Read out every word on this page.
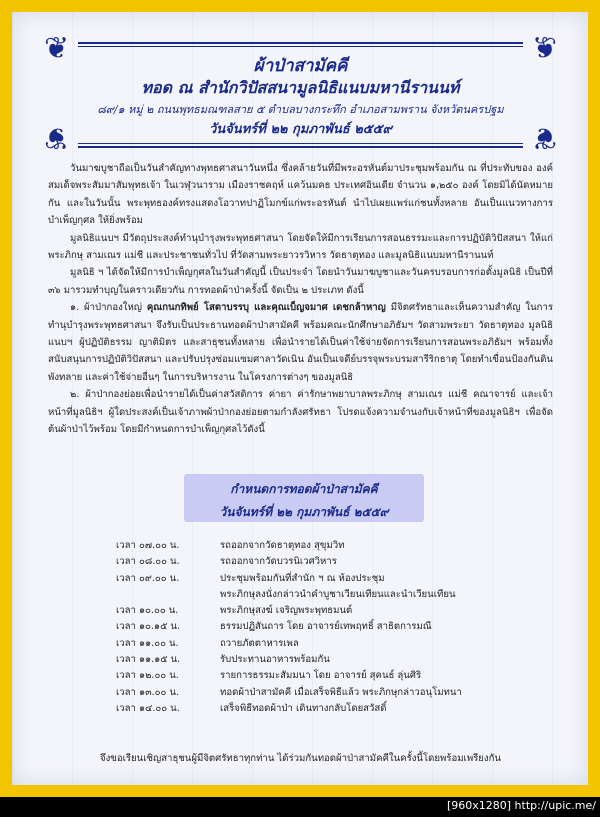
❦	❦
❦	❦
ผ้าป่าสามัคคี
ทอด ณ สำนักวิปัสสนามูลนิธิแนบมหานีรานนท์
๘๙/๑ หมู่ ๒ ถนนพุทธมณฑลสาย ๕ ตำบลบางกระทึก อำเภอสามพราน จังหวัดนครปฐม
วันจันทร์ที่ ๒๒ กุมภาพันธ์ ๒๕๕๙

วันมาฆบูชาถือเป็นวันสำคัญทางพุทธศาสนาวันหนึ่ง ซึ่งคล้ายวันที่มีพระอรหันต์มาประชุมพร้อมกัน ณ ที่ประทับของ องค์สมเด็จพระสัมมาสัมพุทธเจ้า ในเวฬุวนาราม เมืองราชคฤห์ แคว้นมคธ ประเทศอินเดีย จำนวน ๑,๒๕๐ องค์ โดยมิได้นัดหมายกัน และในวันนั้น พระพุทธองค์ทรงแสดงโอวาทปาฏิโมกข์แก่พระอรหันต์ นำไปเผยแพร่แก่ชนทั้งหลาย อันเป็นแนวทางการบำเพ็ญกุศล ให้ยิ่งพร้อม

มูลนิธิแนบฯ มีวัตถุประสงค์ทำนุบำรุงพระพุทธศาสนา โดยจัดให้มีการเรียนการสอนธรรมะและการปฏิบัติวิปัสสนา ให้แก่ พระภิกษุ สามเณร แม่ชี และประชาชนทั่วไป ที่วัดสามพระยาวรวิหาร วัดธาตุทอง และมูลนิธิแนบมหานีรานนท์

มูลนิธิ ฯ ได้จัดให้มีการบำเพ็ญกุศลในวันสำคัญนี้ เป็นประจำ โดยนำวันมาฆบูชาและวันครบรอบการก่อตั้งมูลนิธิ เป็นปีที่ ๓๖ มารวมทำบุญในคราวเดียวกัน การทอดผ้าป่าครั้งนี้ จัดเป็น ๒ ประเภท ดังนี้

๑. ผ้าป่ากองใหญ่ คุณกนกทิพย์ โสตาบรรบุ และคุณเบ็ญจมาศ เดชกล้าหาญ มีจิตศรัทธาและเห็นความสำคัญ ในการทำนุบำรุงพระพุทธศาสนา จึงรับเป็นประธานทอดผ้าป่าสามัคคี พร้อมคณะนักศึกษาอภิธัมฯ วัดสามพระยา วัดธาตุทอง มูลนิธิแนบฯ ผู้ปฏิบัติธรรม ญาติมิตร และสาธุชนทั้งหลาย เพื่อนำรายได้เป็นค่าใช้จ่ายจัดการเรียนการสอนพระอภิธัมฯ พร้อมทั้ง สนับสนุนการปฏิบัติวิปัสสนา และปรับปรุงซ่อมแซมศาลาวัดเนิน อันเป็นเจดีย์บรรจุพระบรมสารีริกธาตุ โดยทำเขื่อนป้องกันดินพังทลาย และค่าใช้จ่ายอื่นๆ ในการบริหารงาน ในโครงการต่างๆ ของมูลนิธิ

๒. ผ้าป่ากองย่อยเพื่อนำรายได้เป็นค่าสวัสดิการ ค่ายา ค่ารักษาพยาบาลพระภิกษุ สามเณร แม่ชี คณาจารย์ และเจ้าหน้าที่มูลนิธิฯ ผู้ใดประสงค์เป็นเจ้าภาพผ้าป่ากองย่อยตามกำลังศรัทธา โปรดแจ้งความจำนงกับเจ้าหน้าที่ของมูลนิธิฯ เพื่อจัดต้นผ้าป่าไว้พร้อม โดยมีกำหนดการบำเพ็ญกุศลไว้ดังนี้

กำหนดการทอดผ้าป่าสามัคคี
วันจันทร์ที่ ๒๒ กุมภาพันธ์ ๒๕๕๙
เวลา ๐๗.๐๐ น.	รถออกจากวัดธาตุทอง สุขุมวิท
เวลา ๐๘.๐๐ น.	รถออกจากวัดบวรนิเวศวิหาร
เวลา ๐๙.๐๐ น.	ประชุมพร้อมกันที่สำนัก ฯ ณ ห้องประชุม
พระภิกษุลงนั่งกล่าวนำคำบูชาเวียนเทียนและนำเวียนเทียน
เวลา ๑๐.๐๐ น.	พระภิกษุสงฆ์ เจริญพระพุทธมนต์
เวลา ๑๐.๑๕ น.	ธรรมปฏิสันถาร โดย อาจารย์เทพฤทธิ์ สาธิตการมณี
เวลา ๑๑.๐๐ น.	ถวายภัตตาหารเพล
เวลา ๑๑.๑๕ น.	รับประทานอาหารพร้อมกัน
เวลา ๑๒.๐๐ น.	รายการธรรมะสัมมนา โดย อาจารย์ สุคนธ์ ลุ่นศิริ
เวลา ๑๓.๐๐ น.	ทอดผ้าป่าสามัคคี เมื่อเสร็จพิธีแล้ว พระภิกษุกล่าวอนุโมทนา
เวลา ๑๔.๐๐ น.	เสร็จพิธีทอดผ้าป่า เดินทางกลับโดยสวัสดิ์
จึงขอเรียนเชิญสาธุชนผู้มีจิตศรัทธาทุกท่าน ได้ร่วมกันทอดผ้าป่าสามัคคีในครั้งนี้โดยพร้อมเพรียงกัน
[960x1280] http://upic.me/
